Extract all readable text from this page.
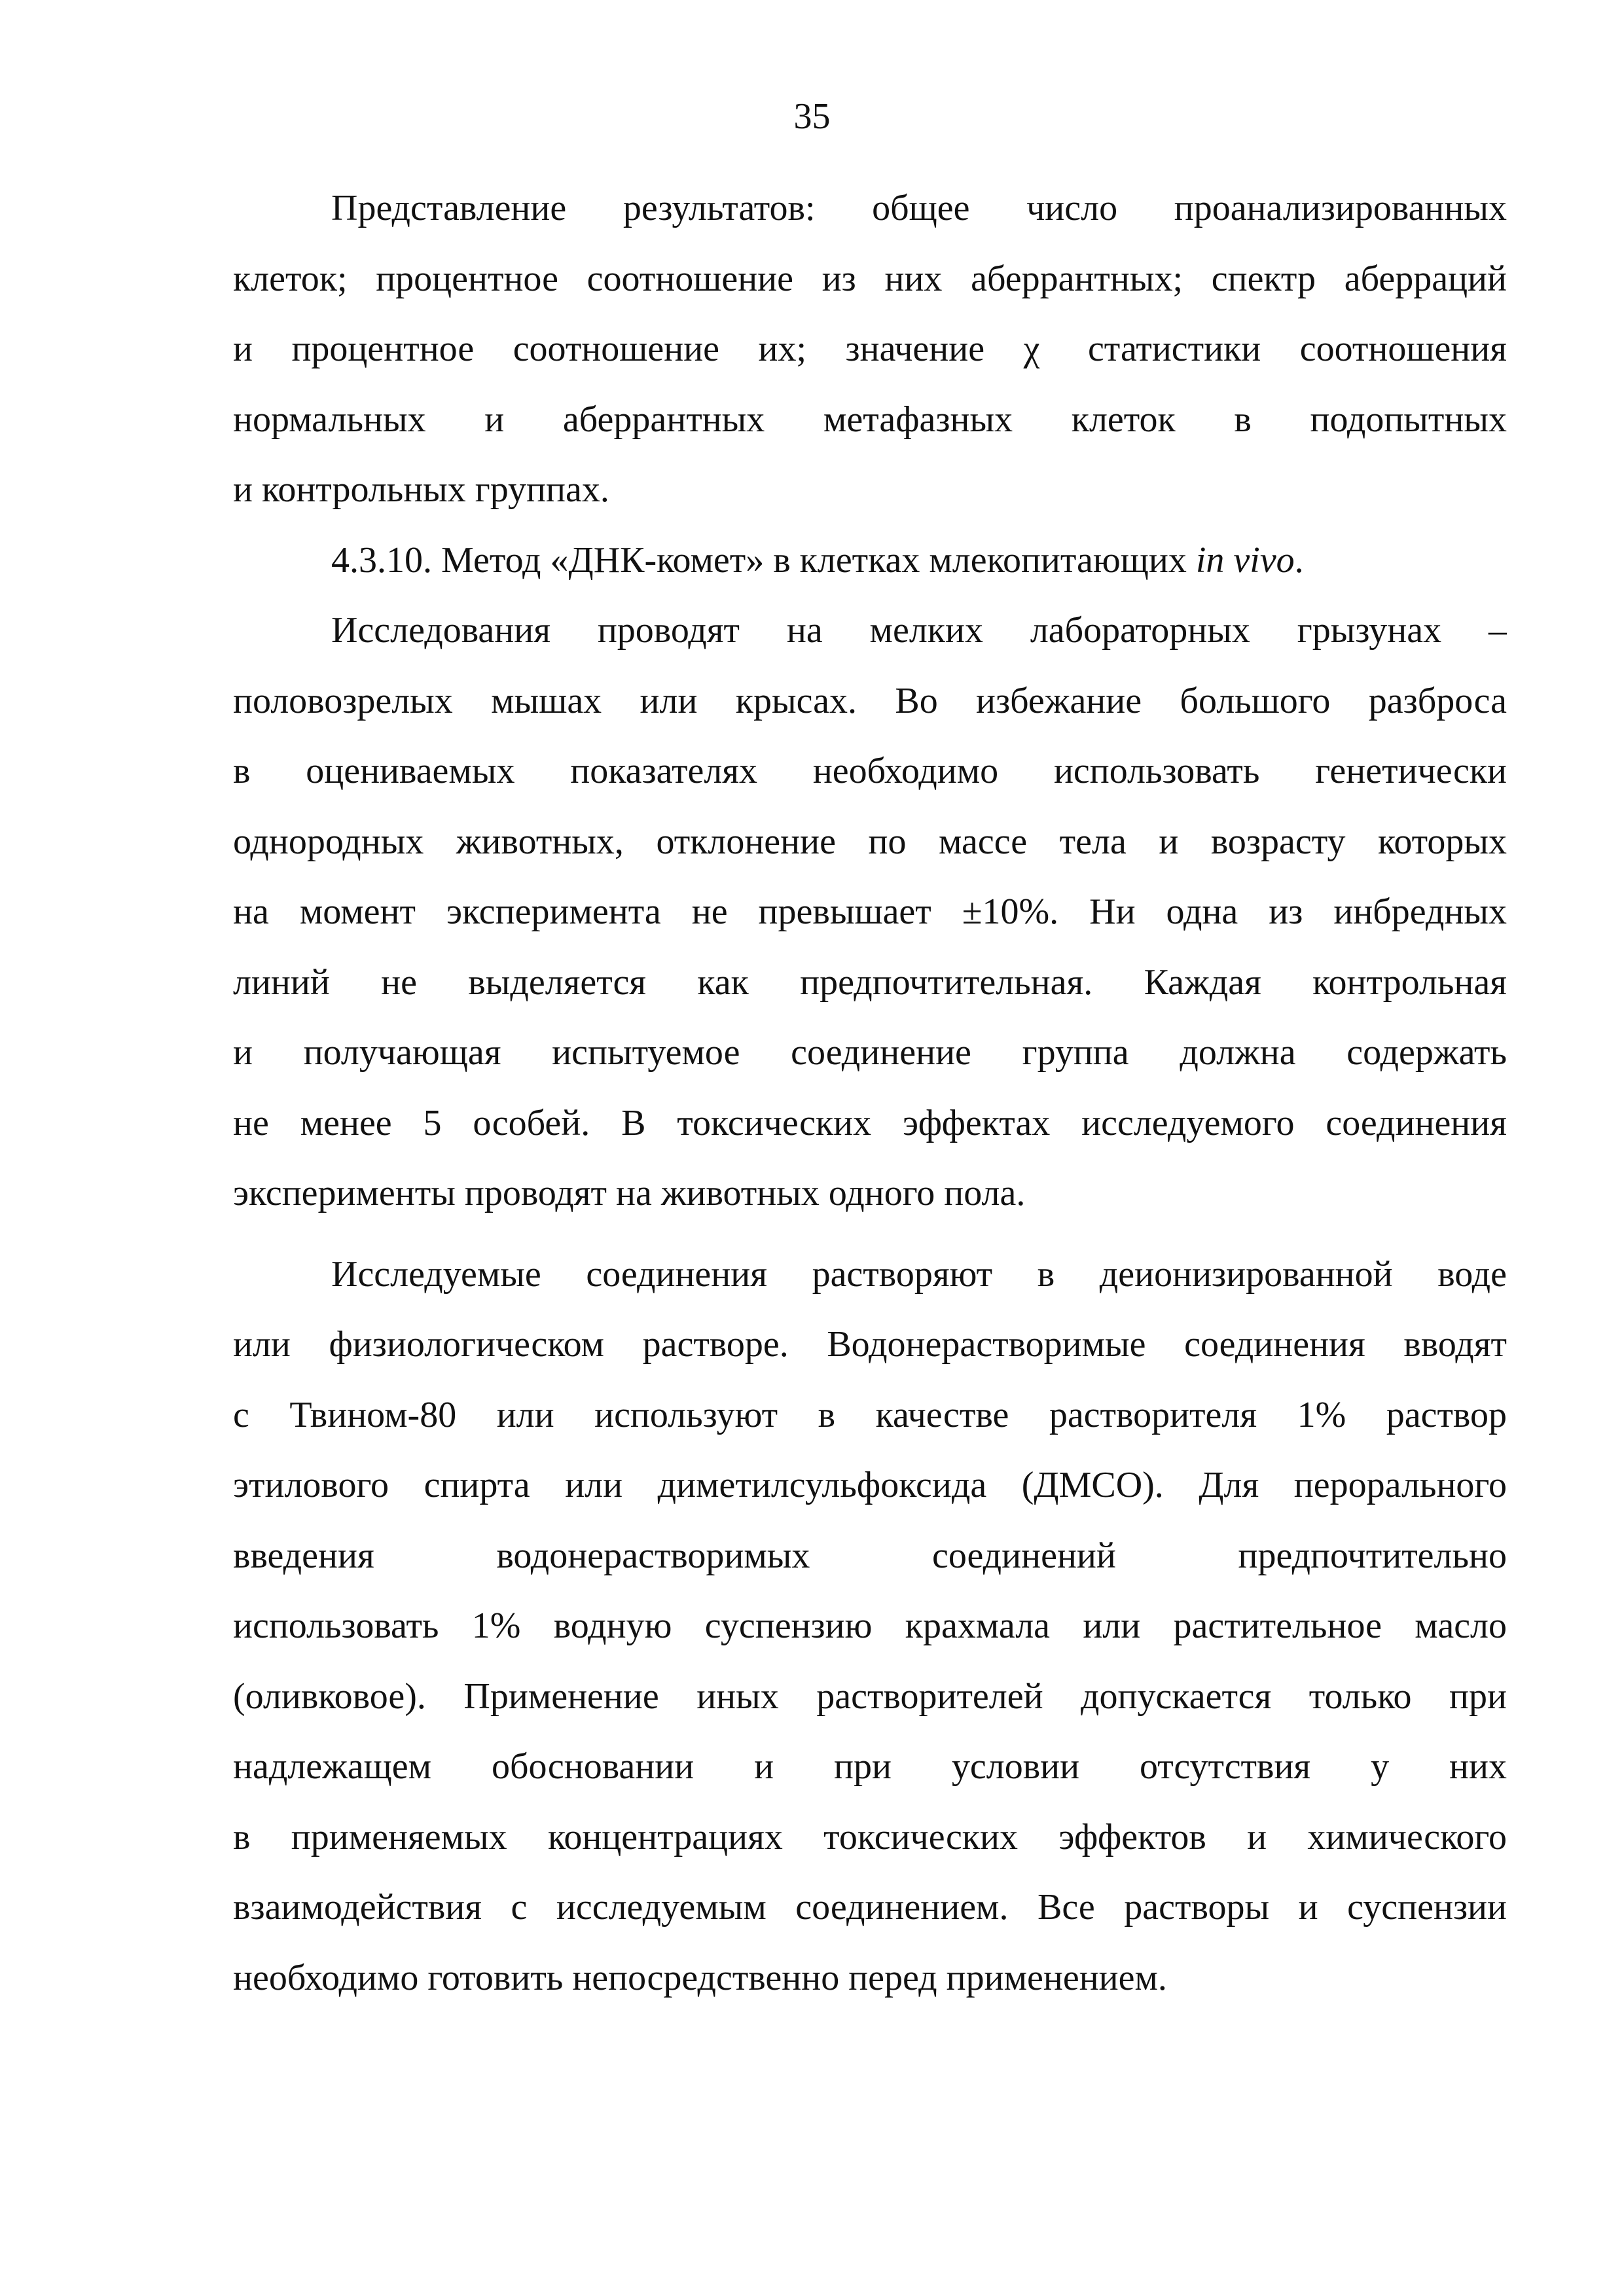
35
Представление результатов: общее число проанализированных
клеток; процентное соотношение из них аберрантных; спектр аберраций
и процентное соотношение их; значение χ статистики соотношения
нормальных и аберрантных метафазных клеток в подопытных
и контрольных группах.
4.3.10. Метод «ДНК-комет» в клетках млекопитающих in vivo.
Исследования проводят на мелких лабораторных грызунах –
половозрелых мышах или крысах. Во избежание большого разброса
в оцениваемых показателях необходимо использовать генетически
однородных животных, отклонение по массе тела и возрасту которых
на момент эксперимента не превышает ±10%. Ни одна из инбредных
линий не выделяется как предпочтительная. Каждая контрольная
и получающая испытуемое соединение группа должна содержать
не менее 5 особей. В токсических эффектах исследуемого соединения
эксперименты проводят на животных одного пола.
Исследуемые соединения растворяют в деионизированной воде
или физиологическом растворе. Водонерастворимые соединения вводят
с Твином-80 или используют в качестве растворителя 1% раствор
этилового спирта или диметилсульфоксида (ДМСО). Для перорального
введения водонерастворимых соединений предпочтительно
использовать 1% водную суспензию крахмала или растительное масло
(оливковое). Применение иных растворителей допускается только при
надлежащем обосновании и при условии отсутствия у них
в применяемых концентрациях токсических эффектов и химического
взаимодействия с исследуемым соединением. Все растворы и суспензии
необходимо готовить непосредственно перед применением.
